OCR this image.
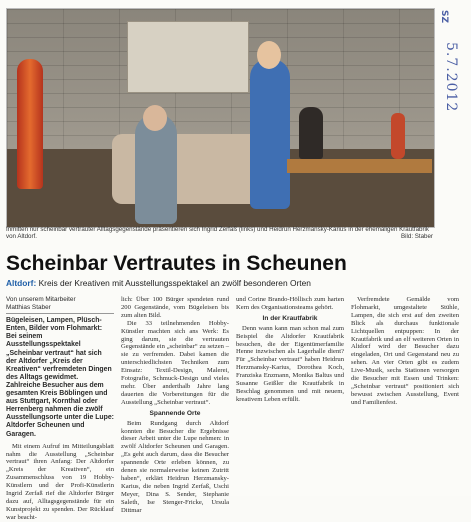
SZ
5.7.2012
Inmitten nur scheinbar vertrauter Alltagsgegenstände präsentieren sich Ingrid Zerfaß (links) und Heidrun Herzmansky-Karius in der ehemaligen Krautfabrik von Altdorf.	Bild: Staber
Scheinbar Vertrautes in Scheunen
Altdorf: Kreis der Kreativen mit Ausstellungsspektakel an zwölf besonderen Orten
Von unserem Mitarbeiter
Matthias Staber
Bügeleisen, Lampen, Plüsch-Enten, Bilder vom Flohmarkt: Bei seinem Ausstellungsspektakel „Scheinbar vertraut“ hat sich der Altdorfer „Kreis der Kreativen“ verfremdeten Dingen des Alltags gewidmet. Zahlreiche Besucher aus dem gesamten Kreis Böblingen und aus Stuttgart, Kornthal oder Herrenberg nahmen die zwölf Ausstellungsorte unter die Lupe: Altdorfer Scheunen und Garagen.

Mit einem Aufruf im Mitteilungsblatt nahm die Ausstellung „Scheinbar vertraut“ ihren Anfang: Der Altdorfer „Kreis der Kreativen“, ein Zusammenschluss von 19 Hobby-Künstlern und der Profi-Künstlerin Ingrid Zerfaß rief die Altdorfer Bürger dazu auf, Alltagsgegenstände für ein Kunstprojekt zu spenden. Der Rücklauf war beacht-

lich: Über 100 Bürger spendeten rund 200 Gegenstände, vom Bügeleisen bis zum alten Bild.

Die 33 teilnehmenden Hobby-Künstler machten sich ans Werk: Es ging darum, sie die vertrauten Gegenstände ein „scheinbar“ zu setzen – sie zu verfremden. Dabei kamen die unterschiedlichsten Techniken zum Einsatz: Textil-Design, Malerei, Fotografie, Schmuck-Design und vieles mehr. Über anderthalb Jahre lang dauerten die Vorbereitungen für die Ausstellung „Scheinbar vertraut“.

Spannende Orte

Beim Rundgang durch Altdorf konnten die Besucher die Ergebnisse dieser Arbeit unter die Lupe nehmen: in zwölf Altdorfer Scheunen und Garagen. „Es geht auch darum, dass die Besucher spannende Orte erleben können, zu denen sie normalerweise keinen Zutritt haben“, erklärt Heidrun Herzmansky-Karius, die neben Ingrid Zerfaß, Uschi Meyer, Dina S. Sender, Stephanie Saleth, Ise Stenger-Fricke, Ursula Dittmar

und Corine Brando-Höllisch zum harten Kern des Organisationsteams gehört.

In der Krautfabrik

Denn wann kann man schon mal zum Beispiel die Altdorfer Krautfabrik besuchen, die der Eigentümerfamilie Henne inzwischen als Lagerhalle dient? Für „Scheinbar vertraut“ haben Heidrun Herzmansky-Karius, Dorothea Koch, Franziska Enzmann, Monika Baltus und Susanne Geißler die Krautfabrik in Beschlag genommen und mit neuem, kreativem Leben erfüllt.

Verfremdete Gemälde vom Flohmarkt, umgestaltete Stühle, Lampen, die sich erst auf den zweiten Blick als durchaus funktionale Lichtquellen entpuppen: In der Krautfabrik und an elf weiteren Orten in Altdorf wird der Besucher dazu eingeladen, Ort und Gegenstand neu zu sehen. An vier Orten gibt es zudem Live-Musik, sechs Stationen versorgen die Besucher mit Essen und Trinken: „Scheinbar vertraut“ positioniert sich bewusst zwischen Ausstellung, Event und Familienfest.
